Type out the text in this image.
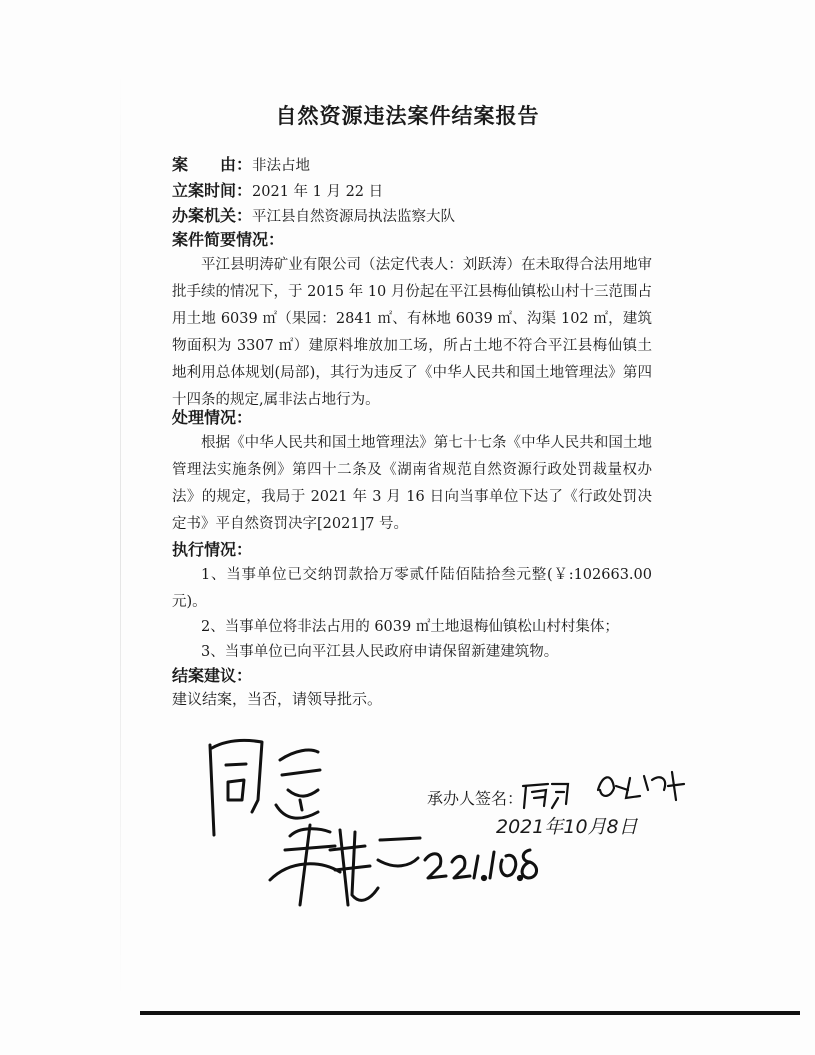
自然资源违法案件结案报告
案　　由：非法占地
立案时间：2021 年 1 月 22 日
办案机关：平江县自然资源局执法监察大队
案件简要情况：
平江县明涛矿业有限公司（法定代表人：刘跃涛）在未取得合法用地审批手续的情况下，于 2015 年 10 月份起在平江县梅仙镇松山村十三范围占用土地 6039 ㎡（果园：2841 ㎡、有林地 6039 ㎡、沟渠 102 ㎡，建筑物面积为 3307 ㎡）建原料堆放加工场，所占土地不符合平江县梅仙镇土地利用总体规划(局部)，其行为违反了《中华人民共和国土地管理法》第四十四条的规定,属非法占地行为。
处理情况：
根据《中华人民共和国土地管理法》第七十七条《中华人民共和国土地管理法实施条例》第四十二条及《湖南省规范自然资源行政处罚裁量权办法》的规定，我局于 2021 年 3 月 16 日向当事单位下达了《行政处罚决定书》平自然资罚决字[2021]7 号。
执行情况：
1、当事单位已交纳罚款拾万零贰仟陆佰陆拾叁元整(￥:102663.00 元)。
2、当事单位将非法占用的 6039 ㎡土地退梅仙镇松山村村集体；
3、当事单位已向平江县人民政府申请保留新建建筑物。
结案建议：
建议结案，当否，请领导批示。
承办人签名：
2021年10月8日
